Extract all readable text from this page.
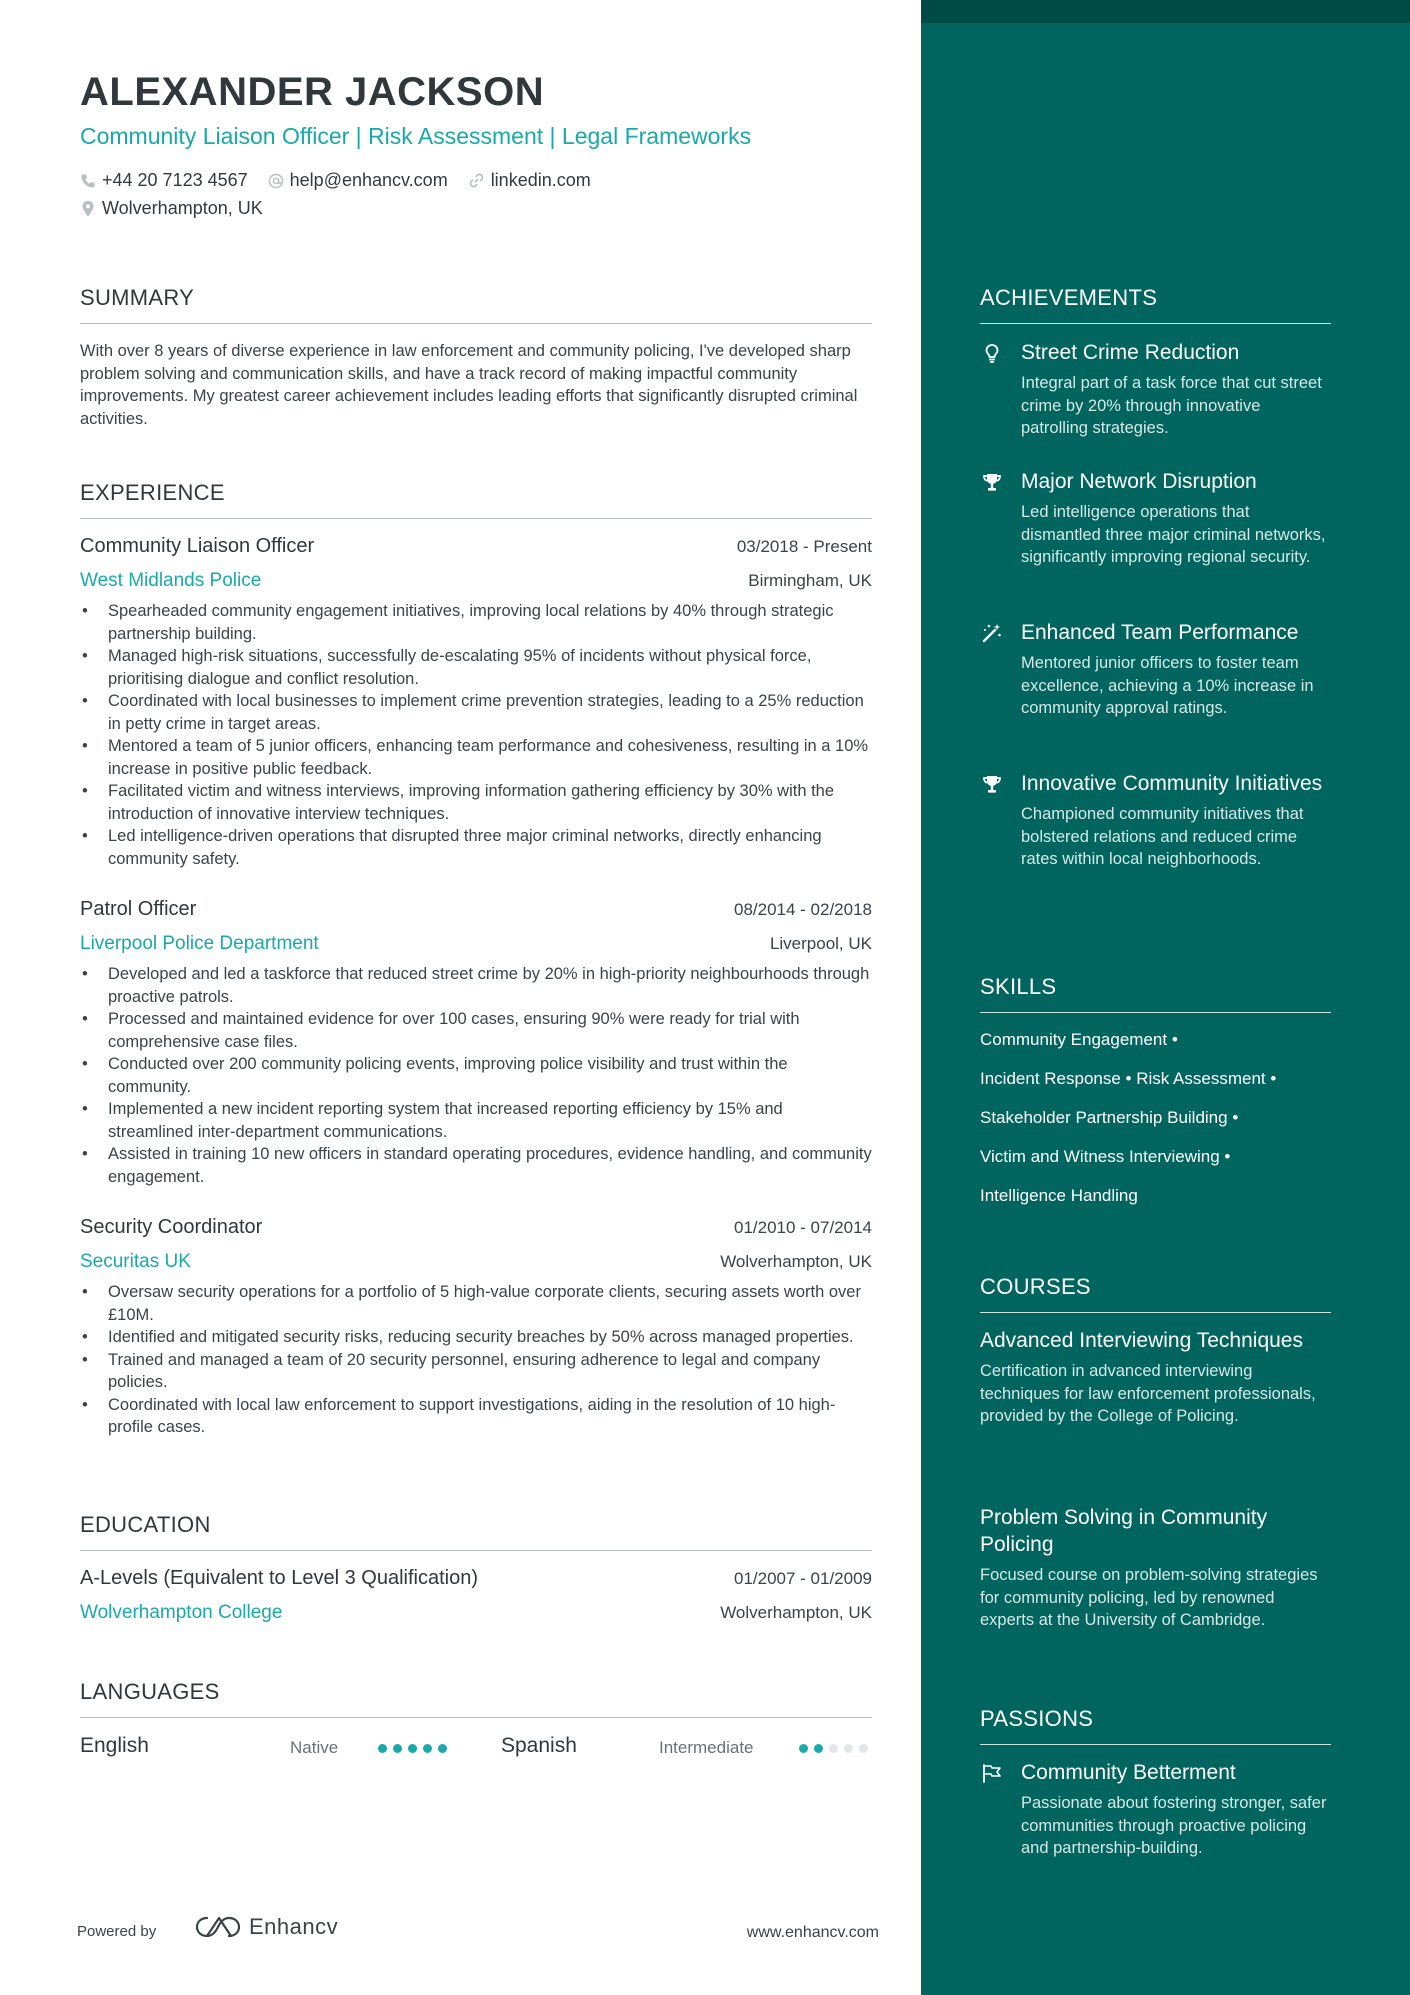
ALEXANDER JACKSON
Community Liaison Officer | Risk Assessment | Legal Frameworks
+44 20 7123 4567 help@enhancv.com linkedin.com
Wolverhampton, UK
SUMMARY
With over 8 years of diverse experience in law enforcement and community policing, I've developed sharp problem solving and communication skills, and have a track record of making impactful community improvements. My greatest career achievement includes leading efforts that significantly disrupted criminal activities.
EXPERIENCE
Community Liaison Officer	03/2018 - Present
West Midlands Police	Birmingham, UK
• Spearheaded community engagement initiatives, improving local relations by 40% through strategic partnership building.
• Managed high-risk situations, successfully de-escalating 95% of incidents without physical force, prioritising dialogue and conflict resolution.
• Coordinated with local businesses to implement crime prevention strategies, leading to a 25% reduction in petty crime in target areas.
• Mentored a team of 5 junior officers, enhancing team performance and cohesiveness, resulting in a 10% increase in positive public feedback.
• Facilitated victim and witness interviews, improving information gathering efficiency by 30% with the introduction of innovative interview techniques.
• Led intelligence-driven operations that disrupted three major criminal networks, directly enhancing community safety.
Patrol Officer	08/2014 - 02/2018
Liverpool Police Department	Liverpool, UK
• Developed and led a taskforce that reduced street crime by 20% in high-priority neighbourhoods through proactive patrols.
• Processed and maintained evidence for over 100 cases, ensuring 90% were ready for trial with comprehensive case files.
• Conducted over 200 community policing events, improving police visibility and trust within the community.
• Implemented a new incident reporting system that increased reporting efficiency by 15% and streamlined inter-department communications.
• Assisted in training 10 new officers in standard operating procedures, evidence handling, and community engagement.
Security Coordinator	01/2010 - 07/2014
Securitas UK	Wolverhampton, UK
• Oversaw security operations for a portfolio of 5 high-value corporate clients, securing assets worth over £10M.
• Identified and mitigated security risks, reducing security breaches by 50% across managed properties.
• Trained and managed a team of 20 security personnel, ensuring adherence to legal and company policies.
• Coordinated with local law enforcement to support investigations, aiding in the resolution of 10 high-profile cases.
EDUCATION
A-Levels (Equivalent to Level 3 Qualification)	01/2007 - 01/2009
Wolverhampton College	Wolverhampton, UK
LANGUAGES
English	Native	Spanish	Intermediate
Powered by	Enhancv	www.enhancv.com
ACHIEVEMENTS
Street Crime Reduction
Integral part of a task force that cut street crime by 20% through innovative patrolling strategies.
Major Network Disruption
Led intelligence operations that dismantled three major criminal networks, significantly improving regional security.
Enhanced Team Performance
Mentored junior officers to foster team excellence, achieving a 10% increase in community approval ratings.
Innovative Community Initiatives
Championed community initiatives that bolstered relations and reduced crime rates within local neighborhoods.
SKILLS
Community Engagement •
Incident Response • Risk Assessment •
Stakeholder Partnership Building •
Victim and Witness Interviewing •
Intelligence Handling
COURSES
Advanced Interviewing Techniques
Certification in advanced interviewing techniques for law enforcement professionals, provided by the College of Policing.
Problem Solving in Community Policing
Focused course on problem-solving strategies for community policing, led by renowned experts at the University of Cambridge.
PASSIONS
Community Betterment
Passionate about fostering stronger, safer communities through proactive policing and partnership-building.
